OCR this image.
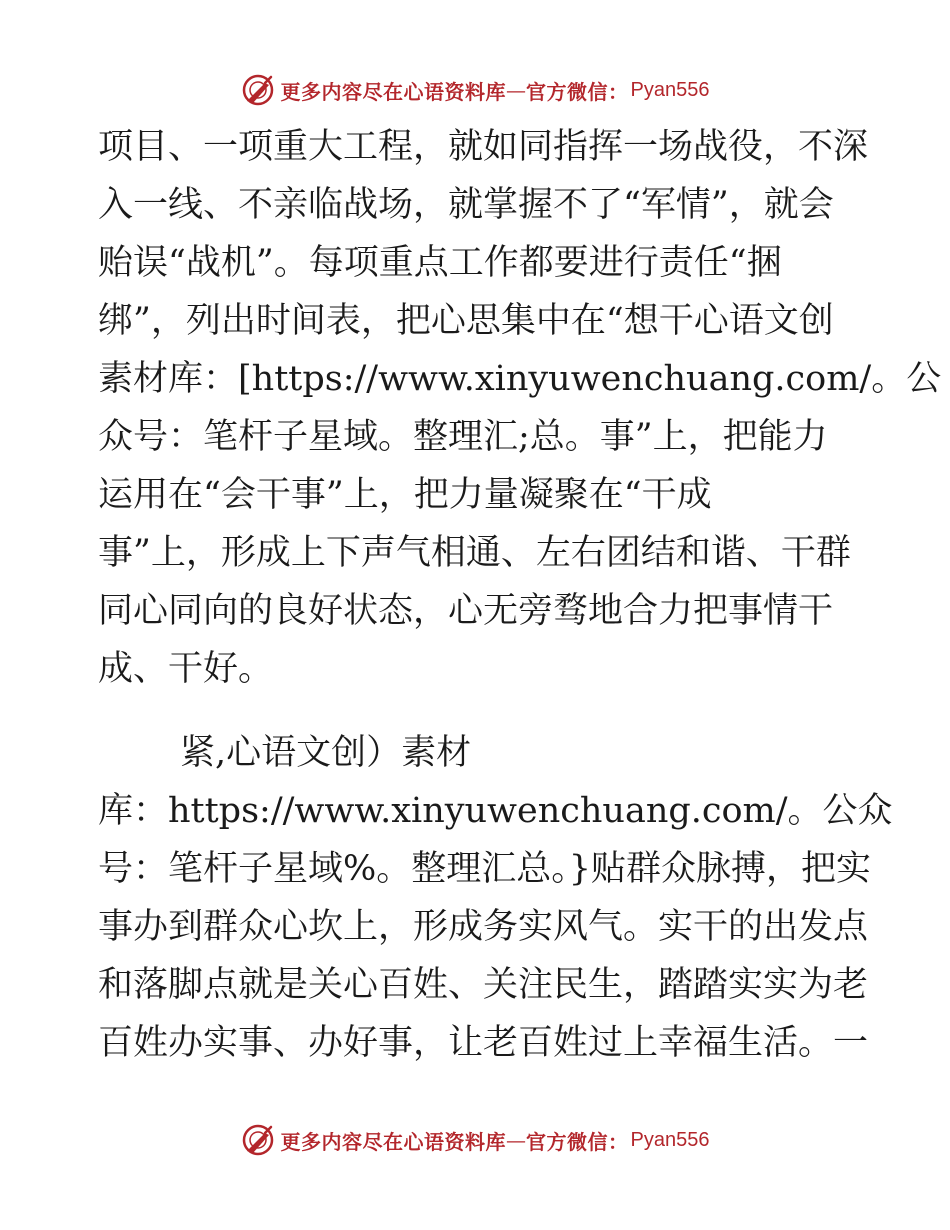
更多内容尽在心语资料库 — 官方微信： Pyan556
项目、一项重大工程，就如同指挥一场战役，不深
入一线、不亲临战场，就掌握不了“军情”，就会
贻误“战机”。每项重点工作都要进行责任“捆
绑”，列出时间表，把心思集中在“想干心语文创
素材库：[https://www.xinyuwenchuang.com/。公
众号：笔杆子星域。整理汇;总。事”上，把能力
运用在“会干事”上，把力量凝聚在“干成
事”上，形成上下声气相通、左右团结和谐、干群
同心同向的良好状态，心无旁骛地合力把事情干
成、干好。
紧,心语文创）素材
库：https://www.xinyuwenchuang.com/。公众
号：笔杆子星域%。整理汇总。}贴群众脉搏，把实
事办到群众心坎上，形成务实风气。实干的出发点
和落脚点就是关心百姓、关注民生，踏踏实实为老
百姓办实事、办好事，让老百姓过上幸福生活。一
更多内容尽在心语资料库 — 官方微信： Pyan556
